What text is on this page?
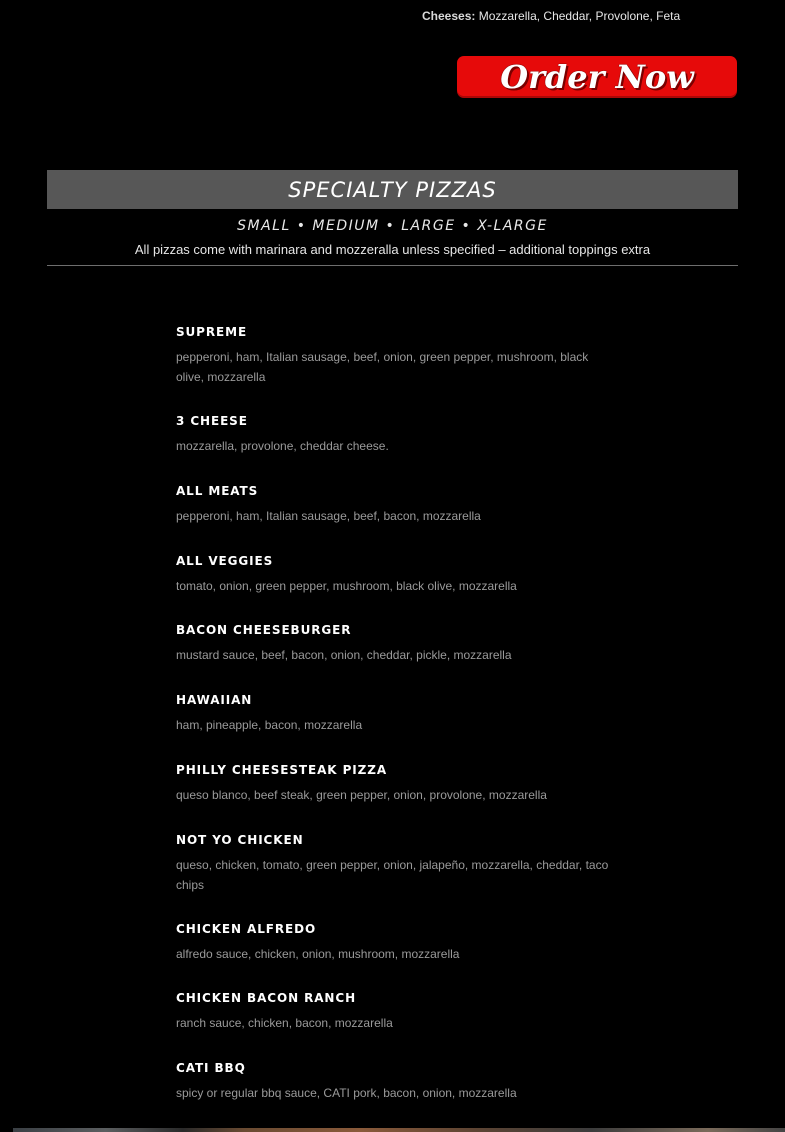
Cheeses: Mozzarella, Cheddar, Provolone, Feta
Order Now
SPECIALTY PIZZAS
SMALL • MEDIUM • LARGE • X-LARGE
All pizzas come with marinara and mozzeralla unless specified – additional toppings extra
SUPREME
pepperoni, ham, Italian sausage, beef, onion, green pepper, mushroom, black olive, mozzarella
3 CHEESE
mozzarella, provolone, cheddar cheese.
ALL MEATS
pepperoni, ham, Italian sausage, beef, bacon, mozzarella
ALL VEGGIES
tomato, onion, green pepper, mushroom, black olive, mozzarella
BACON CHEESEBURGER
mustard sauce, beef, bacon, onion, cheddar, pickle, mozzarella
HAWAIIAN
ham, pineapple, bacon, mozzarella
PHILLY CHEESESTEAK PIZZA
queso blanco, beef steak, green pepper, onion, provolone, mozzarella
NOT YO CHICKEN
queso, chicken, tomato, green pepper, onion, jalapeño, mozzarella, cheddar, taco chips
CHICKEN ALFREDO
alfredo sauce, chicken, onion, mushroom, mozzarella
CHICKEN BACON RANCH
ranch sauce, chicken, bacon, mozzarella
CATI BBQ
spicy or regular bbq sauce, CATI pork, bacon, onion, mozzarella
